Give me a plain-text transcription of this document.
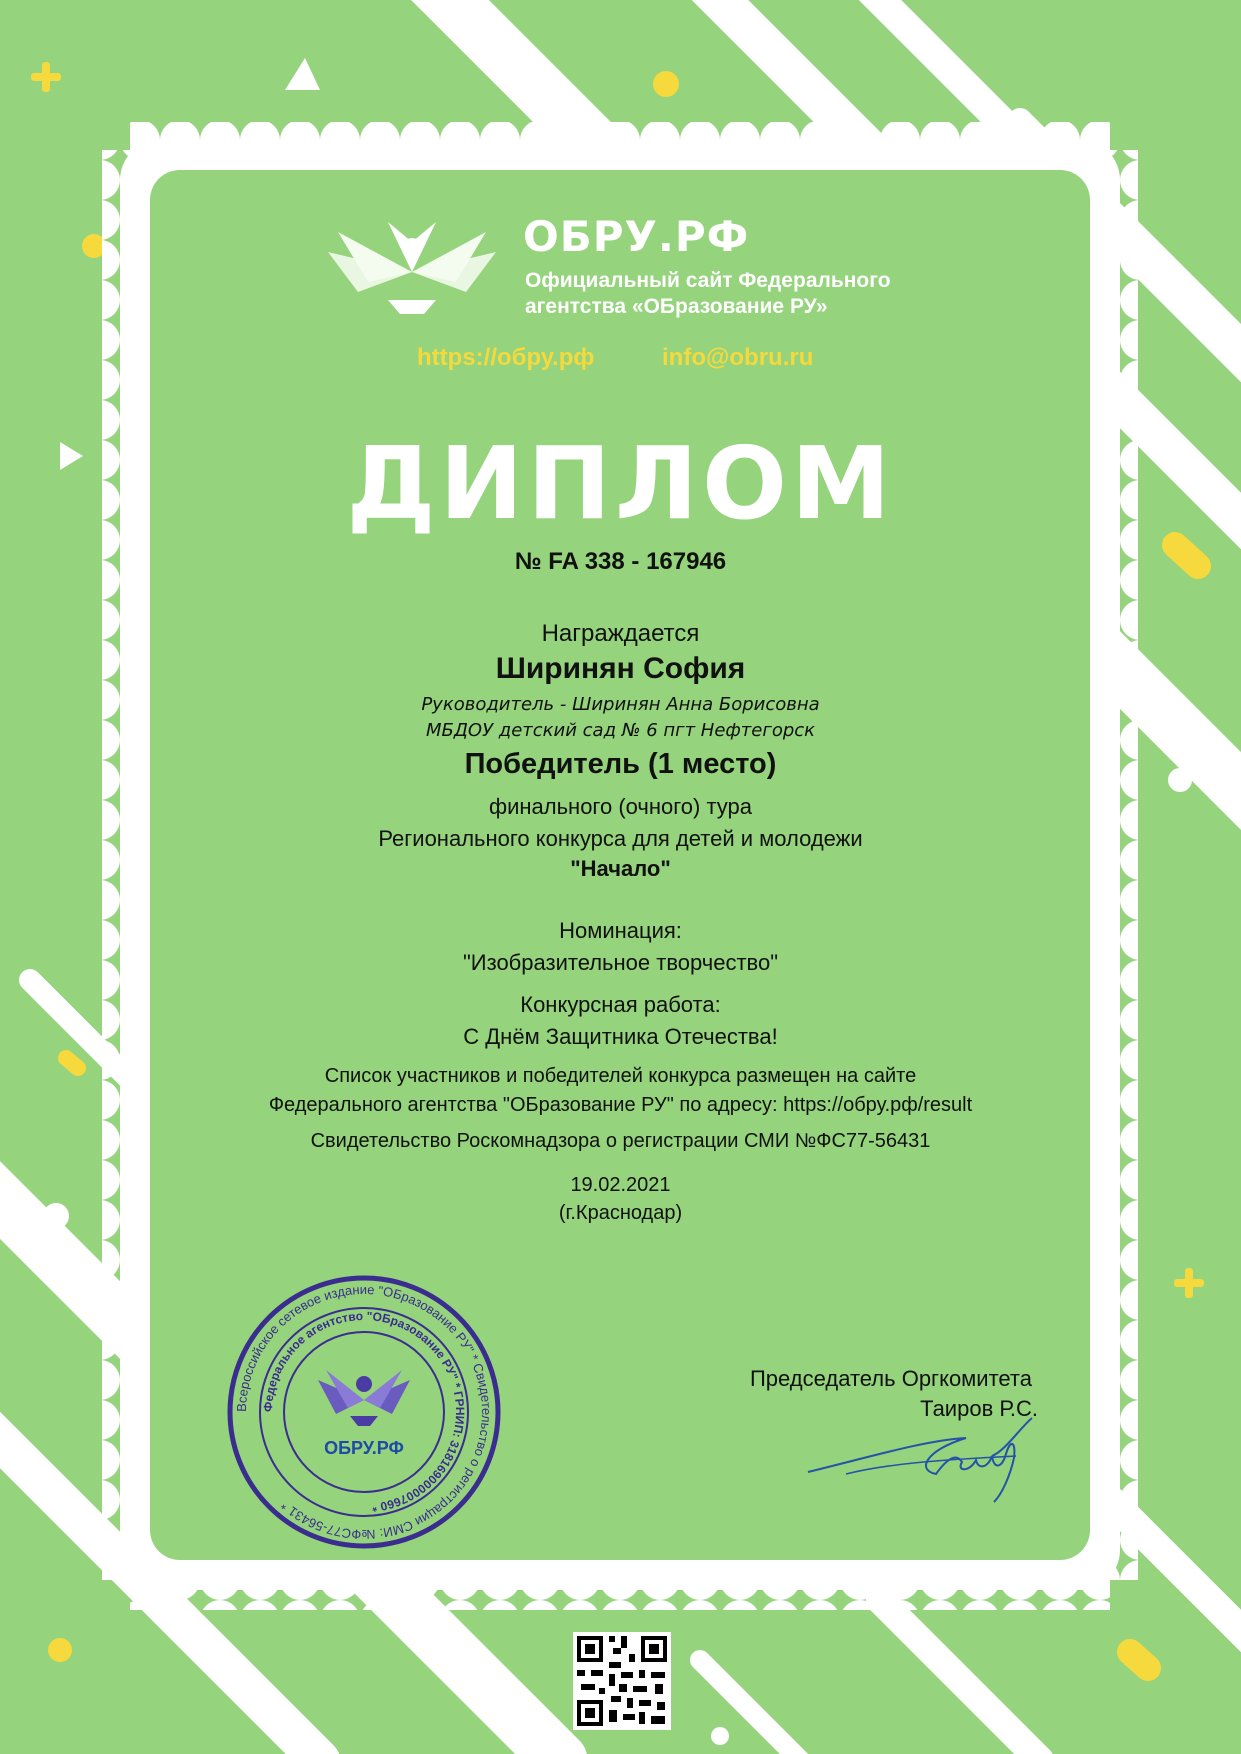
ОБРУ.РФ
Официальный сайт Федерального
агентства «ОБразование РУ»
https://обру.рф	info@obru.ru
ДИПЛОМ
№ FA 338 - 167946
Награждается
Ширинян София
Руководитель - Ширинян Анна Борисовна
МБДОУ детский сад № 6 пгт Нефтегорск
Победитель (1 место)
финального (очного) тура
Регионального конкурса для детей и молодежи
"Начало"
Номинация:
"Изобразительное творчество"
Конкурсная работа:
С Днём Защитника Отечества!
Список участников и победителей конкурса размещен на сайте
Федерального агентства "ОБразование РУ" по адресу: https://обру.рф/result
Свидетельство Роскомнадзора о регистрации СМИ №ФС77-56431
19.02.2021
(г.Краснодар)
Всероссийское сетевое издание "ОБразование РУ" * Свидетельство о регистрации СМИ: №ФС77-56431 *
Федеральное агентство "ОБразование РУ" * ГРНИП: 318169000007660 *
ОБРУ.РФ
Председатель Оргкомитета
Таиров Р.С.
